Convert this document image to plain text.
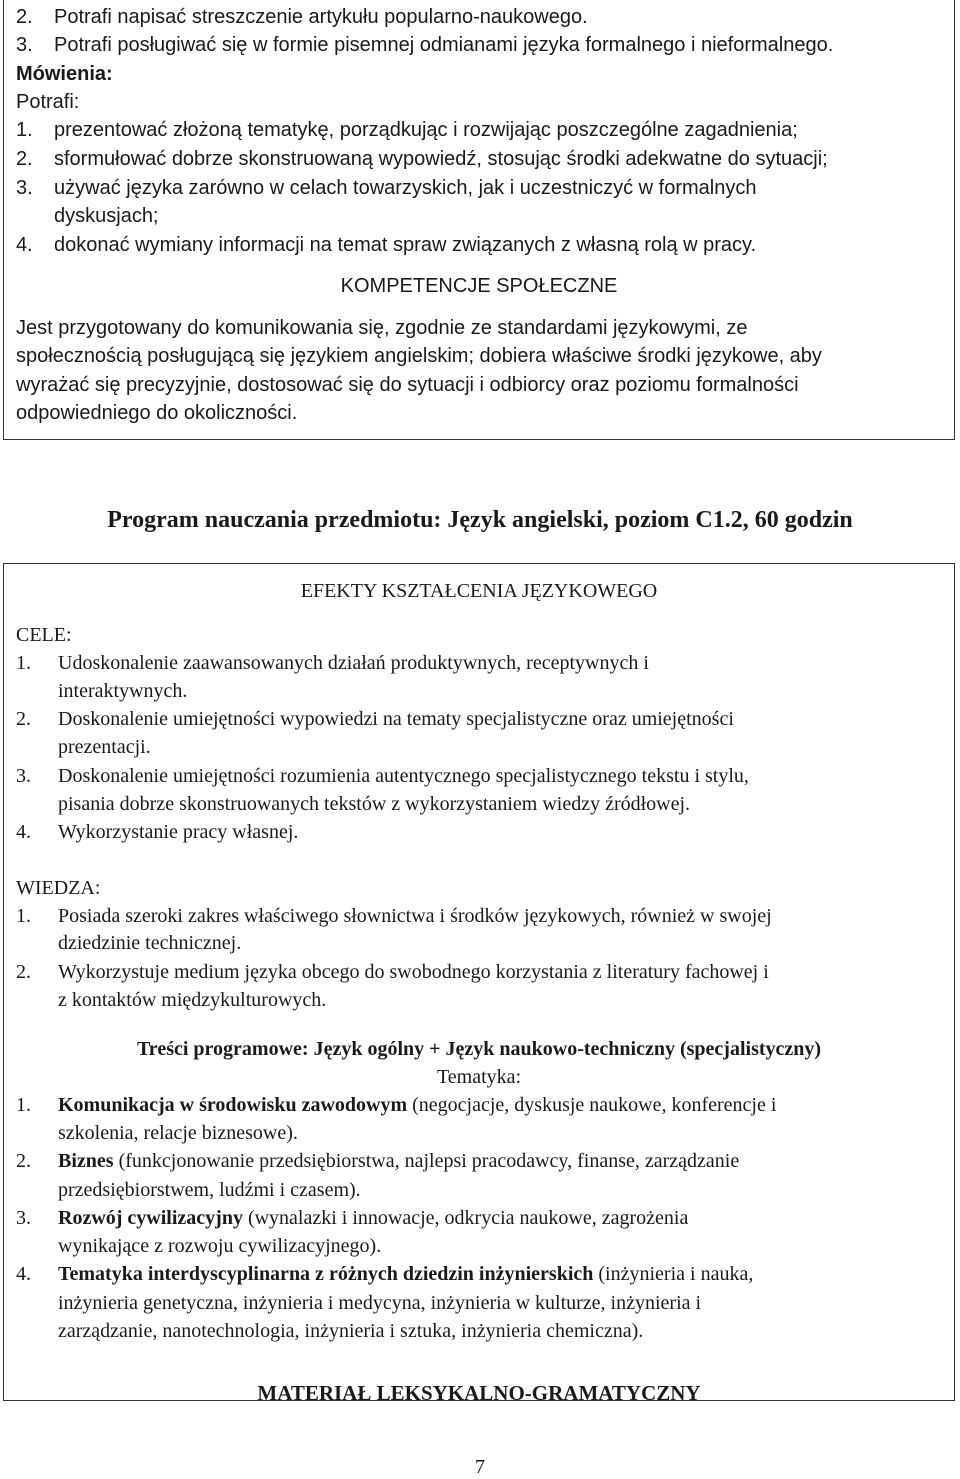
2.	Potrafi napisać streszczenie artykułu popularno-naukowego.
3.	Potrafi posługiwać się w formie pisemnej odmianami języka formalnego i nieformalnego.
Mówienia:
Potrafi:
1.	prezentować złożoną tematykę, porządkując i rozwijając poszczególne zagadnienia;
2.	sformułować dobrze skonstruowaną wypowiedź, stosując środki adekwatne do sytuacji;
3.	używać języka zarówno w celach towarzyskich, jak i uczestniczyć w formalnych
dyskusjach;
4.	dokonać wymiany informacji na temat spraw związanych z własną rolą w pracy.
KOMPETENCJE SPOŁECZNE
Jest przygotowany do komunikowania się, zgodnie ze standardami językowymi, ze
społecznością posługującą się językiem angielskim; dobiera właściwe środki językowe, aby
wyrażać się precyzyjnie, dostosować się do sytuacji i odbiorcy oraz poziomu formalności
odpowiedniego do okoliczności.
Program nauczania przedmiotu: Język angielski, poziom C1.2, 60 godzin
EFEKTY KSZTAŁCENIA JĘZYKOWEGO
CELE:
1.	Udoskonalenie zaawansowanych działań produktywnych, receptywnych i
interaktywnych.
2.	Doskonalenie umiejętności wypowiedzi na tematy specjalistyczne oraz umiejętności
prezentacji.
3.	Doskonalenie umiejętności rozumienia autentycznego specjalistycznego tekstu i stylu,
pisania dobrze skonstruowanych tekstów z wykorzystaniem wiedzy źródłowej.
4.	Wykorzystanie pracy własnej.
WIEDZA:
1.	Posiada szeroki zakres właściwego słownictwa i środków językowych, również w swojej
dziedzinie technicznej.
2.	Wykorzystuje medium języka obcego do swobodnego korzystania z literatury fachowej i
z kontaktów międzykulturowych.
Treści programowe: Język ogólny + Język naukowo-techniczny (specjalistyczny)
Tematyka:
1.	Komunikacja w środowisku zawodowym (negocjacje, dyskusje naukowe, konferencje i
szkolenia, relacje biznesowe).
2.	Biznes (funkcjonowanie przedsiębiorstwa, najlepsi pracodawcy, finanse, zarządzanie
przedsiębiorstwem, ludźmi i czasem).
3.	Rozwój cywilizacyjny (wynalazki i innowacje, odkrycia naukowe, zagrożenia
wynikające z rozwoju cywilizacyjnego).
4.	Tematyka interdyscyplinarna z różnych dziedzin inżynierskich (inżynieria i nauka,
inżynieria genetyczna, inżynieria i medycyna, inżynieria w kulturze, inżynieria i
zarządzanie, nanotechnologia, inżynieria i sztuka, inżynieria chemiczna).
MATERIAŁ LEKSYKALNO-GRAMATYCZNY
7
